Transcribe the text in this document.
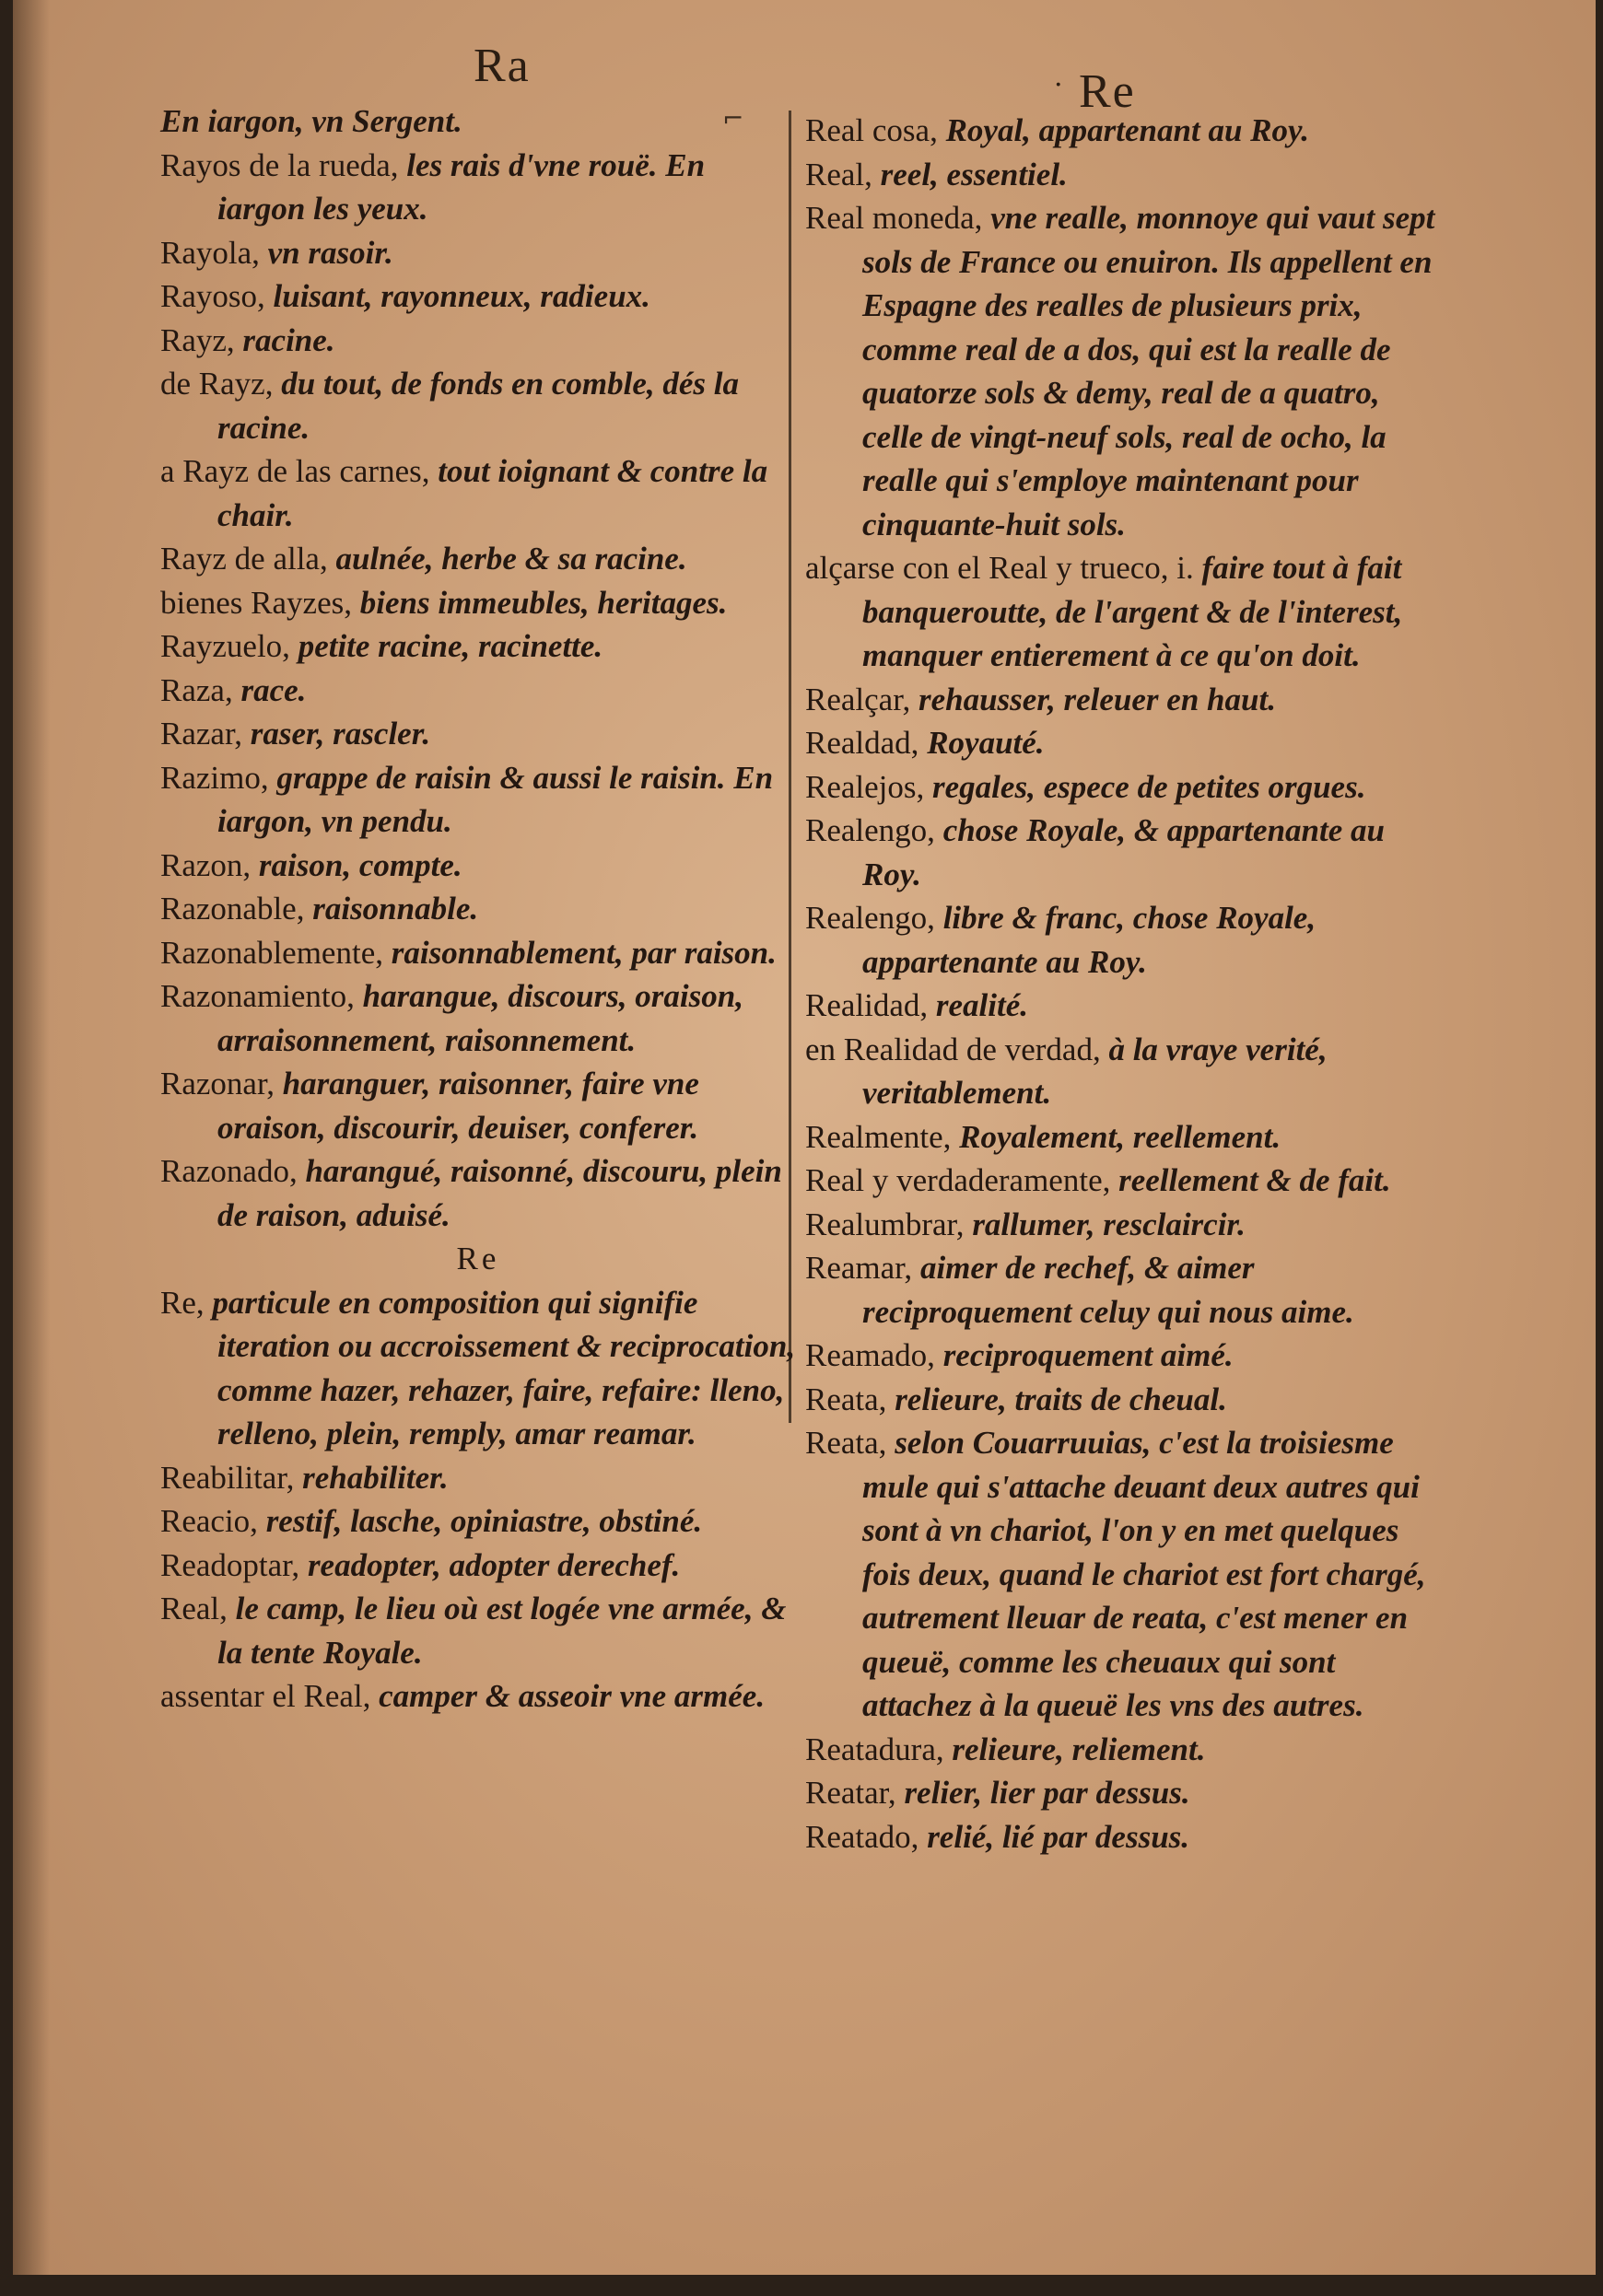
Ra	· Re
⌐
En iargon, vn Sergent.
Rayos de la rueda, les rais d'vne rouë. En iargon les yeux.
Rayola, vn rasoir.
Rayoso, luisant, rayonneux, radieux.
Rayz, racine.
de Rayz, du tout, de fonds en comble, dés la racine.
a Rayz de las carnes, tout ioignant & contre la chair.
Rayz de alla, aulnée, herbe & sa racine.
bienes Rayzes, biens immeubles, heritages.
Rayzuelo, petite racine, racinette.
Raza, race.
Razar, raser, rascler.
Razimo, grappe de raisin & aussi le raisin. En iargon, vn pendu.
Razon, raison, compte.
Razonable, raisonnable.
Razonablemente, raisonnablement, par raison.
Razonamiento, harangue, discours, oraison, arraisonnement, raisonnement.
Razonar, haranguer, raisonner, faire vne oraison, discourir, deuiser, conferer.
Razonado, harangué, raisonné, discouru, plein de raison, aduisé.
Re
Re, particule en composition qui signifie iteration ou accroissement & reciprocation, comme hazer, rehazer, faire, refaire: lleno, relleno, plein, remply, amar reamar.
Reabilitar, rehabiliter.
Reacio, restif, lasche, opiniastre, obstiné.
Readoptar, readopter, adopter derechef.
Real, le camp, le lieu où est logée vne armée, & la tente Royale.
assentar el Real, camper & asseoir vne armée.
Real cosa, Royal, appartenant au Roy.
Real, reel, essentiel.
Real moneda, vne realle, monnoye qui vaut sept sols de France ou enuiron. Ils appellent en Espagne des realles de plusieurs prix, comme real de a dos, qui est la realle de quatorze sols & demy, real de a quatro, celle de vingt-neuf sols, real de ocho, la realle qui s'employe maintenant pour cinquante-huit sols.
alçarse con el Real y trueco, i. faire tout à fait banqueroutte, de l'argent & de l'interest, manquer entierement à ce qu'on doit.
Realçar, rehausser, releuer en haut.
Realdad, Royauté.
Realejos, regales, espece de petites orgues.
Realengo, chose Royale, & appartenante au Roy.
Realengo, libre & franc, chose Royale, appartenante au Roy.
Realidad, realité.
en Realidad de verdad, à la vraye verité, veritablement.
Realmente, Royalement, reellement.
Real y verdaderamente, reellement & de fait.
Realumbrar, rallumer, resclaircir.
Reamar, aimer de rechef, & aimer reciproquement celuy qui nous aime.
Reamado, reciproquement aimé.
Reata, relieure, traits de cheual.
Reata, selon Couarruuias, c'est la troisiesme mule qui s'attache deuant deux autres qui sont à vn chariot, l'on y en met quelques fois deux, quand le chariot est fort chargé, autrement lleuar de reata, c'est mener en queuë, comme les cheuaux qui sont attachez à la queuë les vns des autres.
Reatadura, relieure, reliement.
Reatar, relier, lier par dessus.
Reatado, relié, lié par dessus.
